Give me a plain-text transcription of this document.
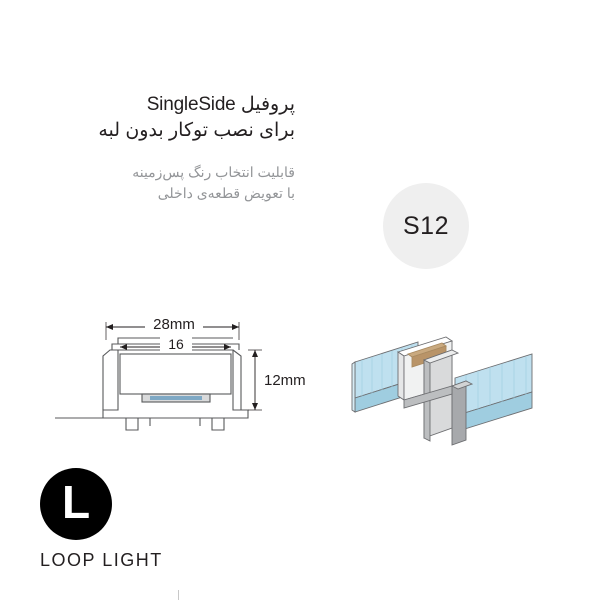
پروفیل SingleSide
برای نصب توکار بدون لبه
قابلیت انتخاب رنگ پس‌زمینه
با تعویض قطعه‌ی داخلی
S12
28mm
16
12mm
L
LOOP LIGHT
